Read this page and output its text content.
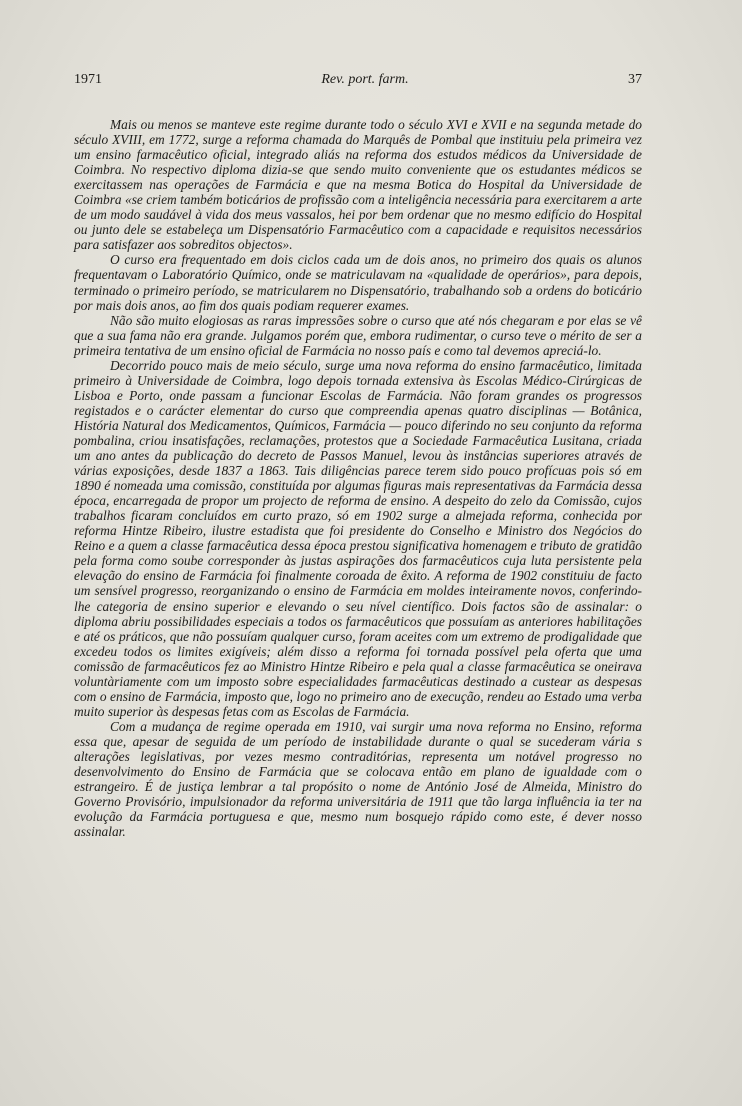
1971	Rev. port. farm.	37

Mais ou menos se manteve este regime durante todo o século XVI e XVII e na segunda metade do século XVIII, em 1772, surge a reforma chamada do Marquês de Pombal que instituiu pela primeira vez um ensino farmacêutico oficial, integrado aliás na reforma dos estudos médicos da Universidade de Coimbra. No respectivo diploma dizia-se que sendo muito conveniente que os estudantes médicos se exercitassem nas operações de Farmácia e que na mesma Botica do Hospital da Universidade de Coimbra «se criem também boticários de profissão com a inteligência necessária para exercitarem a arte de um modo saudável à vida dos meus vassalos, hei por bem ordenar que no mesmo edifício do Hospital ou junto dele se estabeleça um Dispensatório Farmacêutico com a capacidade e requisitos necessários para satisfazer aos sobreditos objectos».

O curso era frequentado em dois ciclos cada um de dois anos, no primeiro dos quais os alunos frequentavam o Laboratório Químico, onde se matriculavam na «qualidade de operários», para depois, terminado o primeiro período, se matricularem no Dispensatório, trabalhando sob a ordens do boticário por mais dois anos, ao fim dos quais podiam requerer exames.

Não são muito elogiosas as raras impressões sobre o curso que até nós chegaram e por elas se vê que a sua fama não era grande. Julgamos porém que, embora rudimentar, o curso teve o mérito de ser a primeira tentativa de um ensino oficial de Farmácia no nosso país e como tal devemos apreciá-lo.

Decorrido pouco mais de meio século, surge uma nova reforma do ensino farmacêutico, limitada primeiro à Universidade de Coimbra, logo depois tornada extensiva às Escolas Médico-Cirúrgicas de Lisboa e Porto, onde passam a funcionar Escolas de Farmácia. Não foram grandes os progressos registados e o carácter elementar do curso que compreendia apenas quatro disciplinas — Botânica, História Natural dos Medicamentos, Químicos, Farmácia — pouco diferindo no seu conjunto da reforma pombalina, criou insatisfações, reclamações, protestos que a Sociedade Farmacêutica Lusitana, criada um ano antes da publicação do decreto de Passos Manuel, levou às instâncias superiores através de várias exposições, desde 1837 a 1863. Tais diligências parece terem sido pouco profícuas pois só em 1890 é nomeada uma comissão, constituída por algumas figuras mais representativas da Farmácia dessa época, encarregada de propor um projecto de reforma de ensino. A despeito do zelo da Comissão, cujos trabalhos ficaram concluídos em curto prazo, só em 1902 surge a almejada reforma, conhecida por reforma Hintze Ribeiro, ilustre estadista que foi presidente do Conselho e Ministro dos Negócios do Reino e a quem a classe farmacêutica dessa época prestou significativa homenagem e tributo de gratidão pela forma como soube corresponder às justas aspirações dos farmacêuticos cuja luta persistente pela elevação do ensino de Farmácia foi finalmente coroada de êxito. A reforma de 1902 constituiu de facto um sensível progresso, reorganizando o ensino de Farmácia em moldes inteiramente novos, conferindo-lhe categoria de ensino superior e elevando o seu nível científico. Dois factos são de assinalar: o diploma abriu possibilidades especiais a todos os farmacêuticos que possuíam as anteriores habilitações e até os práticos, que não possuíam qualquer curso, foram aceites com um extremo de prodigalidade que excedeu todos os limites exigíveis; além disso a reforma foi tornada possível pela oferta que uma comissão de farmacêuticos fez ao Ministro Hintze Ribeiro e pela qual a classe farmacêutica se oneirava voluntàriamente com um imposto sobre especialidades farmacêuticas destinado a custear as despesas com o ensino de Farmácia, imposto que, logo no primeiro ano de execução, rendeu ao Estado uma verba muito superior às despesas fetas com as Escolas de Farmácia.

Com a mudança de regime operada em 1910, vai surgir uma nova reforma no Ensino, reforma essa que, apesar de seguida de um período de instabilidade durante o qual se sucederam vária s alterações legislativas, por vezes mesmo contraditórias, representa um notável progresso no desenvolvimento do Ensino de Farmácia que se colocava então em plano de igualdade com o estrangeiro. É de justiça lembrar a tal propósito o nome de António José de Almeida, Ministro do Governo Provisório, impulsionador da reforma universitária de 1911 que tão larga influência ia ter na evolução da Farmácia portuguesa e que, mesmo num bosquejo rápido como este, é dever nosso assinalar.
